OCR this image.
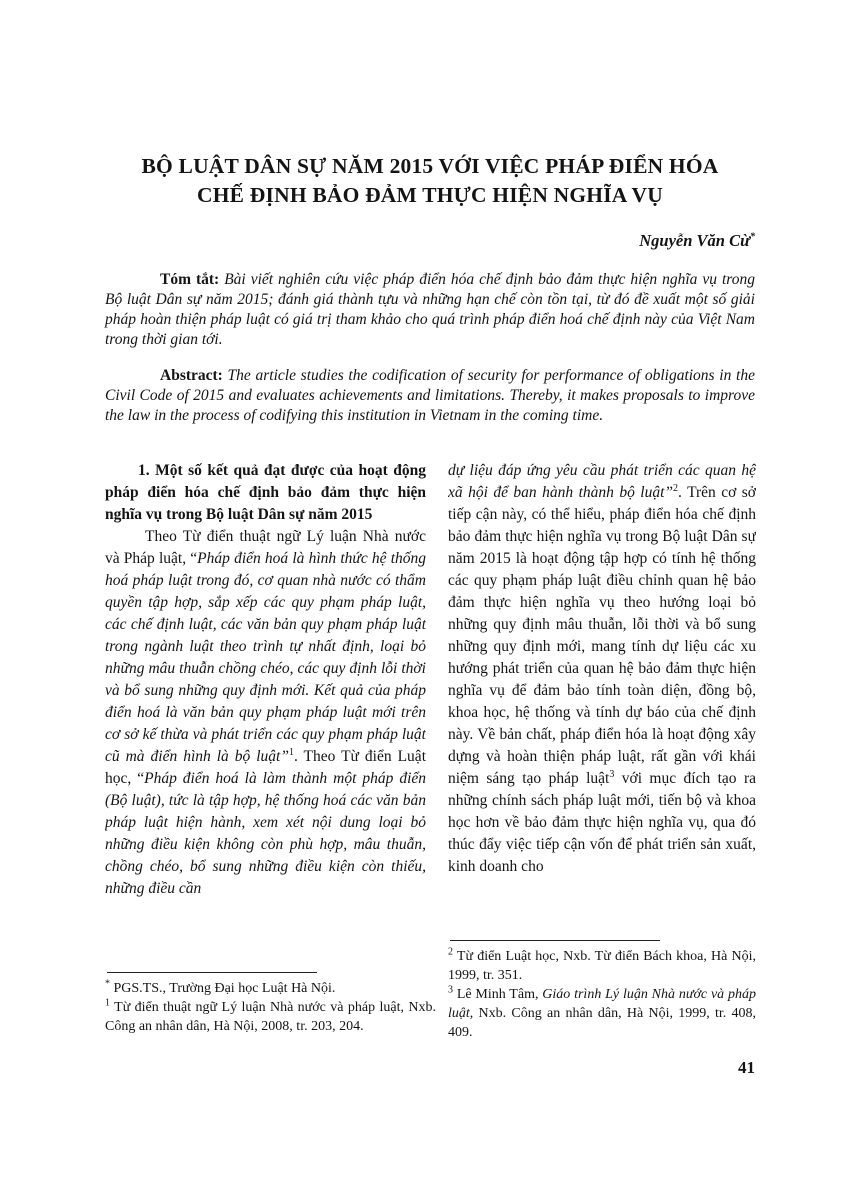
BỘ LUẬT DÂN SỰ NĂM 2015 VỚI VIỆC PHÁP ĐIỂN HÓA
CHẾ ĐỊNH BẢO ĐẢM THỰC HIỆN NGHĨA VỤ
Nguyễn Văn Cừ*

Tóm tắt: Bài viết nghiên cứu việc pháp điển hóa chế định bảo đảm thực hiện nghĩa vụ trong Bộ luật Dân sự năm 2015; đánh giá thành tựu và những hạn chế còn tồn tại, từ đó đề xuất một số giải pháp hoàn thiện pháp luật có giá trị tham khảo cho quá trình pháp điển hoá chế định này của Việt Nam trong thời gian tới.

Abstract: The article studies the codification of security for performance of obligations in the Civil Code of 2015 and evaluates achievements and limitations. Thereby, it makes proposals to improve the law in the process of codifying this institution in Vietnam in the coming time.

1. Một số kết quả đạt được của hoạt động pháp điển hóa chế định bảo đảm thực hiện nghĩa vụ trong Bộ luật Dân sự năm 2015

Theo Từ điển thuật ngữ Lý luận Nhà nước và Pháp luật, “Pháp điển hoá là hình thức hệ thống hoá pháp luật trong đó, cơ quan nhà nước có thẩm quyền tập hợp, sắp xếp các quy phạm pháp luật, các chế định luật, các văn bản quy phạm pháp luật trong ngành luật theo trình tự nhất định, loại bỏ những mâu thuẫn chồng chéo, các quy định lỗi thời và bổ sung những quy định mới. Kết quả của pháp điển hoá là văn bản quy phạm pháp luật mới trên cơ sở kế thừa và phát triển các quy phạm pháp luật cũ mà điển hình là bộ luật”$^1$. Theo Từ điển Luật học, “Pháp điển hoá là làm thành một pháp điển (Bộ luật), tức là tập hợp, hệ thống hoá các văn bản pháp luật hiện hành, xem xét nội dung loại bỏ những điều kiện không còn phù hợp, mâu thuẫn, chồng chéo, bổ sung những điều kiện còn thiếu, những điều cần

dự liệu đáp ứng yêu cầu phát triển các quan hệ xã hội để ban hành thành bộ luật”$^2$. Trên cơ sở tiếp cận này, có thể hiểu, pháp điển hóa chế định bảo đảm thực hiện nghĩa vụ trong Bộ luật Dân sự năm 2015 là hoạt động tập hợp có tính hệ thống các quy phạm pháp luật điều chỉnh quan hệ bảo đảm thực hiện nghĩa vụ theo hướng loại bỏ những quy định mâu thuẫn, lỗi thời và bổ sung những quy định mới, mang tính dự liệu các xu hướng phát triển của quan hệ bảo đảm thực hiện nghĩa vụ để đảm bảo tính toàn diện, đồng bộ, khoa học, hệ thống và tính dự báo của chế định này. Về bản chất, pháp điển hóa là hoạt động xây dựng và hoàn thiện pháp luật, rất gần với khái niệm sáng tạo pháp luật$^3$ với mục đích tạo ra những chính sách pháp luật mới, tiến bộ và khoa học hơn về bảo đảm thực hiện nghĩa vụ, qua đó thúc đẩy việc tiếp cận vốn để phát triển sản xuất, kinh doanh cho

* PGS.TS., Trường Đại học Luật Hà Nội.

$^1$ Từ điển thuật ngữ Lý luận Nhà nước và pháp luật, Nxb. Công an nhân dân, Hà Nội, 2008, tr. 203, 204.

$^2$ Từ điển Luật học, Nxb. Từ điển Bách khoa, Hà Nội, 1999, tr. 351.

$^3$ Lê Minh Tâm, Giáo trình Lý luận Nhà nước và pháp luật, Nxb. Công an nhân dân, Hà Nội, 1999, tr. 408, 409.

41
